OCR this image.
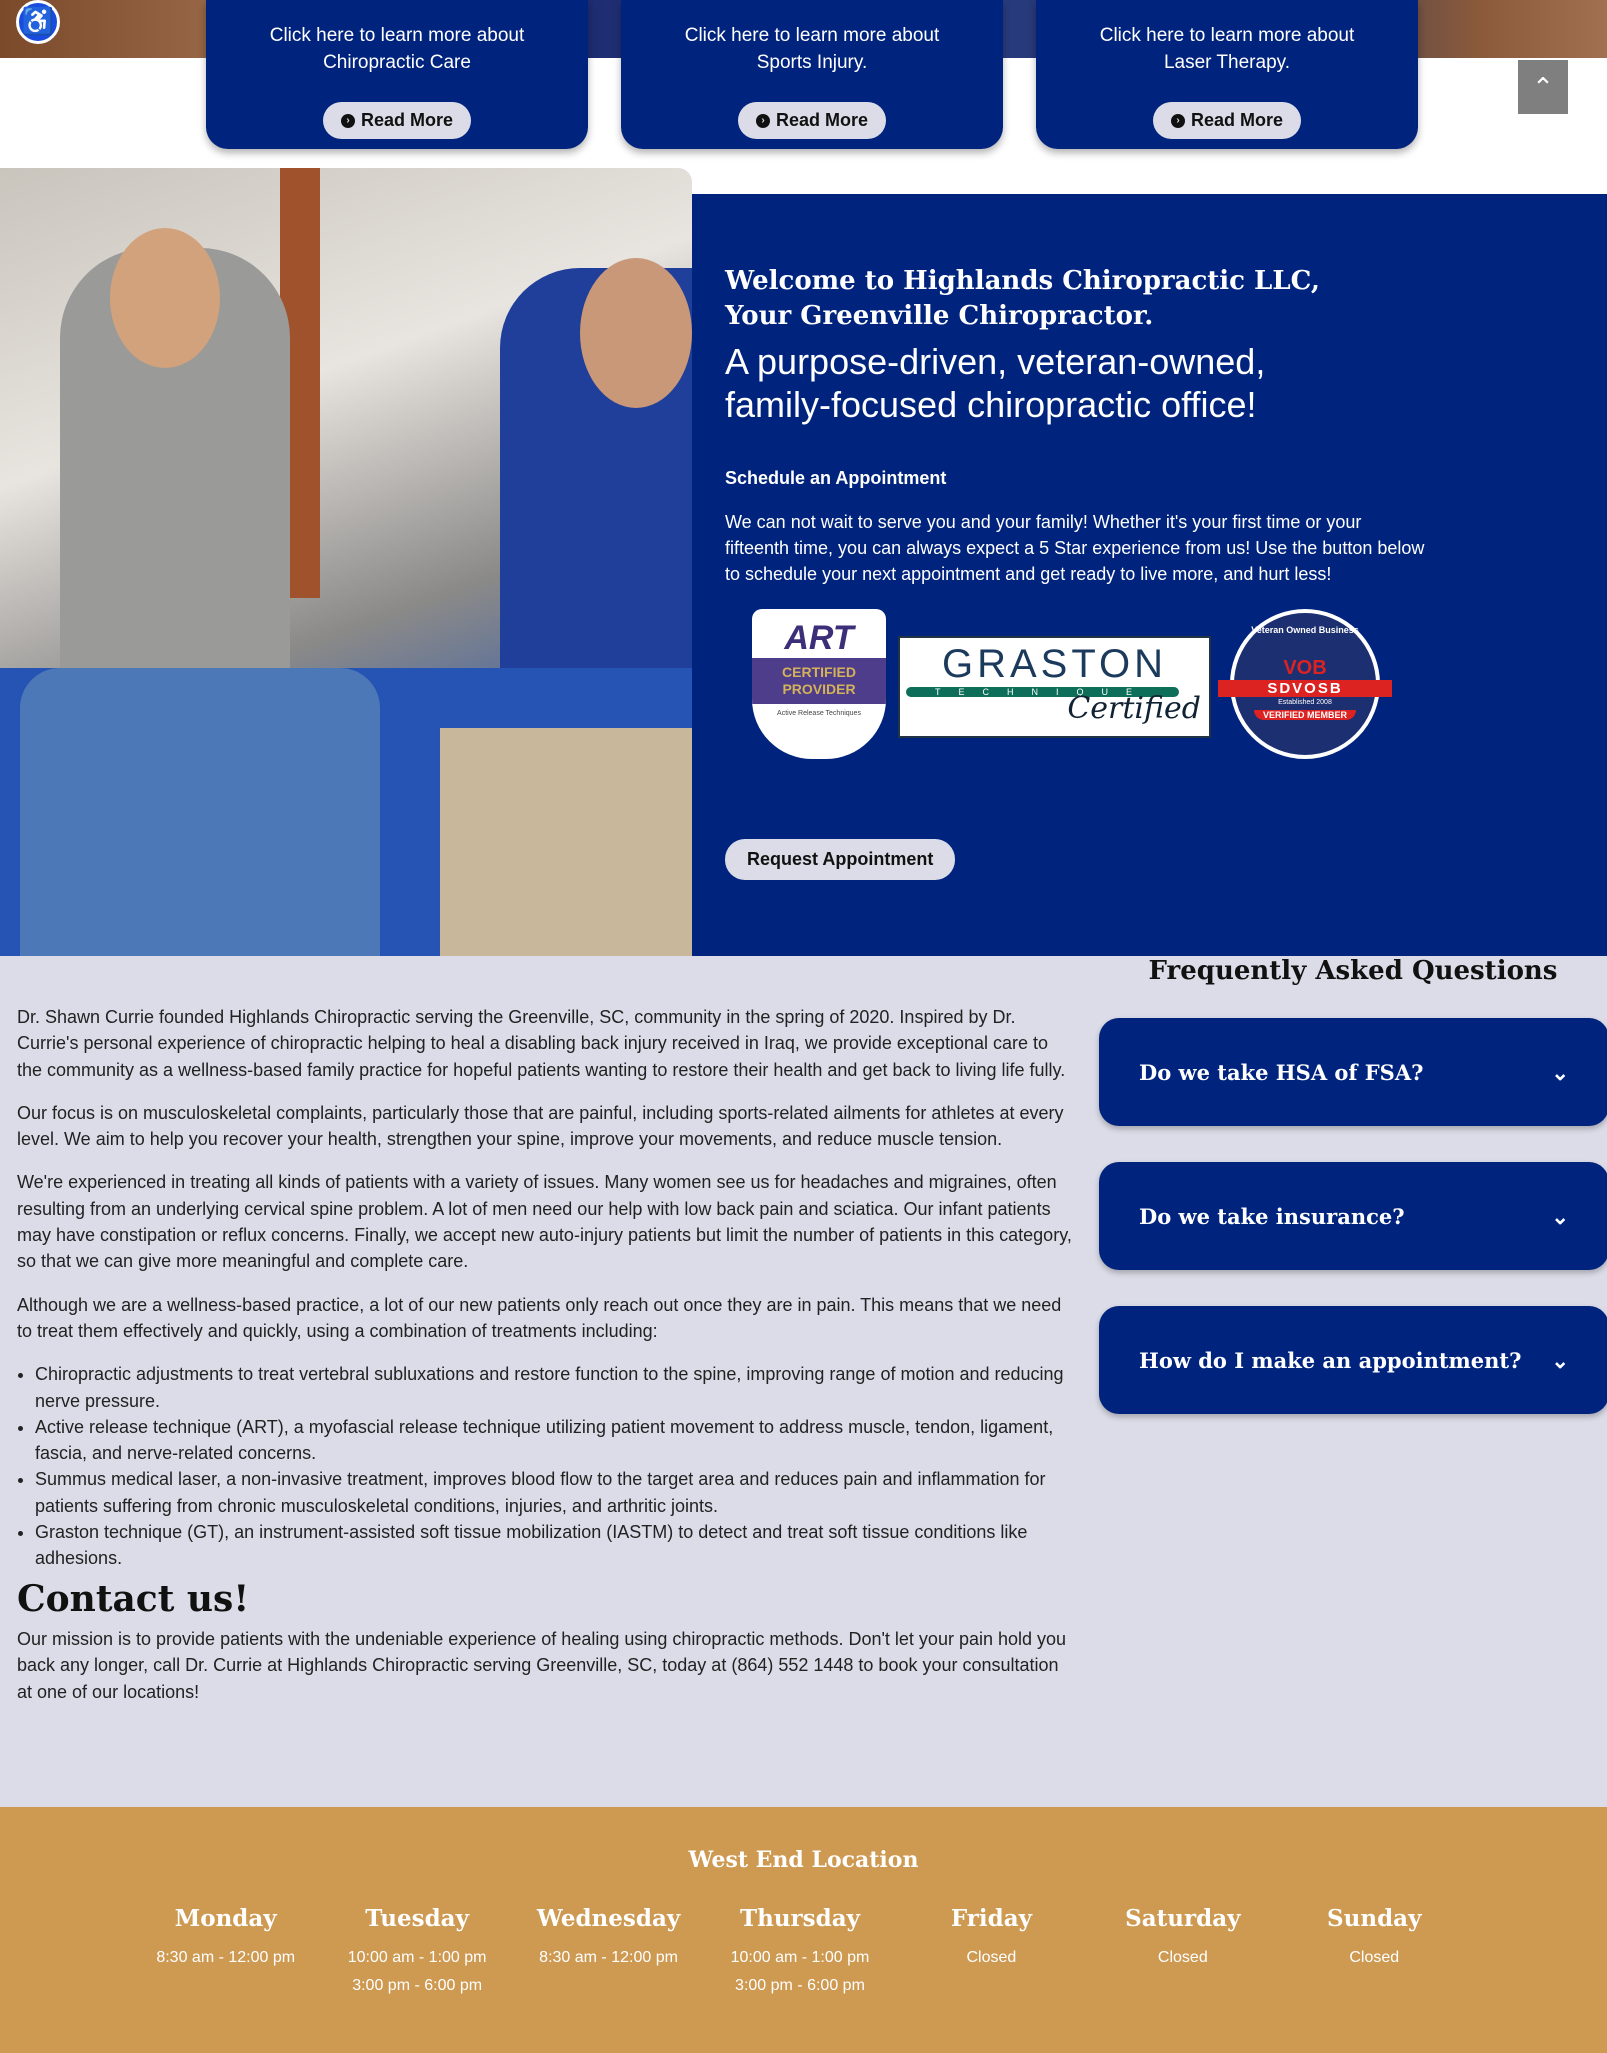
♿	Click here to learn more about Chiropractic Care

› Read More

Click here to learn more about Sports Injury.

› Read More

Click here to learn more about Laser Therapy.

› Read More
⌃
Welcome to Highlands Chiropractic LLC, Your Greenville Chiropractor.
A purpose-driven, veteran-owned, family-focused chiropractic office!
Schedule an Appointment

We can not wait to serve you and your family! Whether it's your first time or your fifteenth time, you can always expect a 5 Star experience from us! Use the button below to schedule your next appointment and get ready to live more, and hurt less!

ART
CERTIFIED
PROVIDER
Active Release Techniques
GRASTON
TECHNIQUE
Certified
Veteran Owned Business
VOB
SDVOSB
Established 2008
VERIFIED MEMBER
Request Appointment

Dr. Shawn Currie founded Highlands Chiropractic serving the Greenville, SC, community in the spring of 2020. Inspired by Dr. Currie's personal experience of chiropractic helping to heal a disabling back injury received in Iraq, we provide exceptional care to the community as a wellness-based family practice for hopeful patients wanting to restore their health and get back to living life fully.

Our focus is on musculoskeletal complaints, particularly those that are painful, including sports-related ailments for athletes at every level. We aim to help you recover your health, strengthen your spine, improve your movements, and reduce muscle tension.

We're experienced in treating all kinds of patients with a variety of issues. Many women see us for headaches and migraines, often resulting from an underlying cervical spine problem. A lot of men need our help with low back pain and sciatica. Our infant patients may have constipation or reflux concerns. Finally, we accept new auto-injury patients but limit the number of patients in this category, so that we can give more meaningful and complete care.

Although we are a wellness-based practice, a lot of our new patients only reach out once they are in pain. This means that we need to treat them effectively and quickly, using a combination of treatments including:

• Chiropractic adjustments to treat vertebral subluxations and restore function to the spine, improving range of motion and reducing nerve pressure.
• Active release technique (ART), a myofascial release technique utilizing patient movement to address muscle, tendon, ligament, fascia, and nerve-related concerns.
• Summus medical laser, a non-invasive treatment, improves blood flow to the target area and reduces pain and inflammation for patients suffering from chronic musculoskeletal conditions, injuries, and arthritic joints.
• Graston technique (GT), an instrument-assisted soft tissue mobilization (IASTM) to detect and treat soft tissue conditions like adhesions.
Contact us!

Our mission is to provide patients with the undeniable experience of healing using chiropractic methods. Don't let your pain hold you back any longer, call Dr. Currie at Highlands Chiropractic serving Greenville, SC, today at (864) 552 1448 to book your consultation at one of our locations!

Frequently Asked Questions
Do we take HSA of FSA?	⌄
Do we take insurance?	⌄
How do I make an appointment? ⌄
West End Location
Monday
8:30 am - 12:00 pm
Tuesday
10:00 am - 1:00 pm
3:00 pm - 6:00 pm
Wednesday
8:30 am - 12:00 pm
Thursday
10:00 am - 1:00 pm
3:00 pm - 6:00 pm
Friday
Closed
Saturday
Closed
Sunday
Closed
